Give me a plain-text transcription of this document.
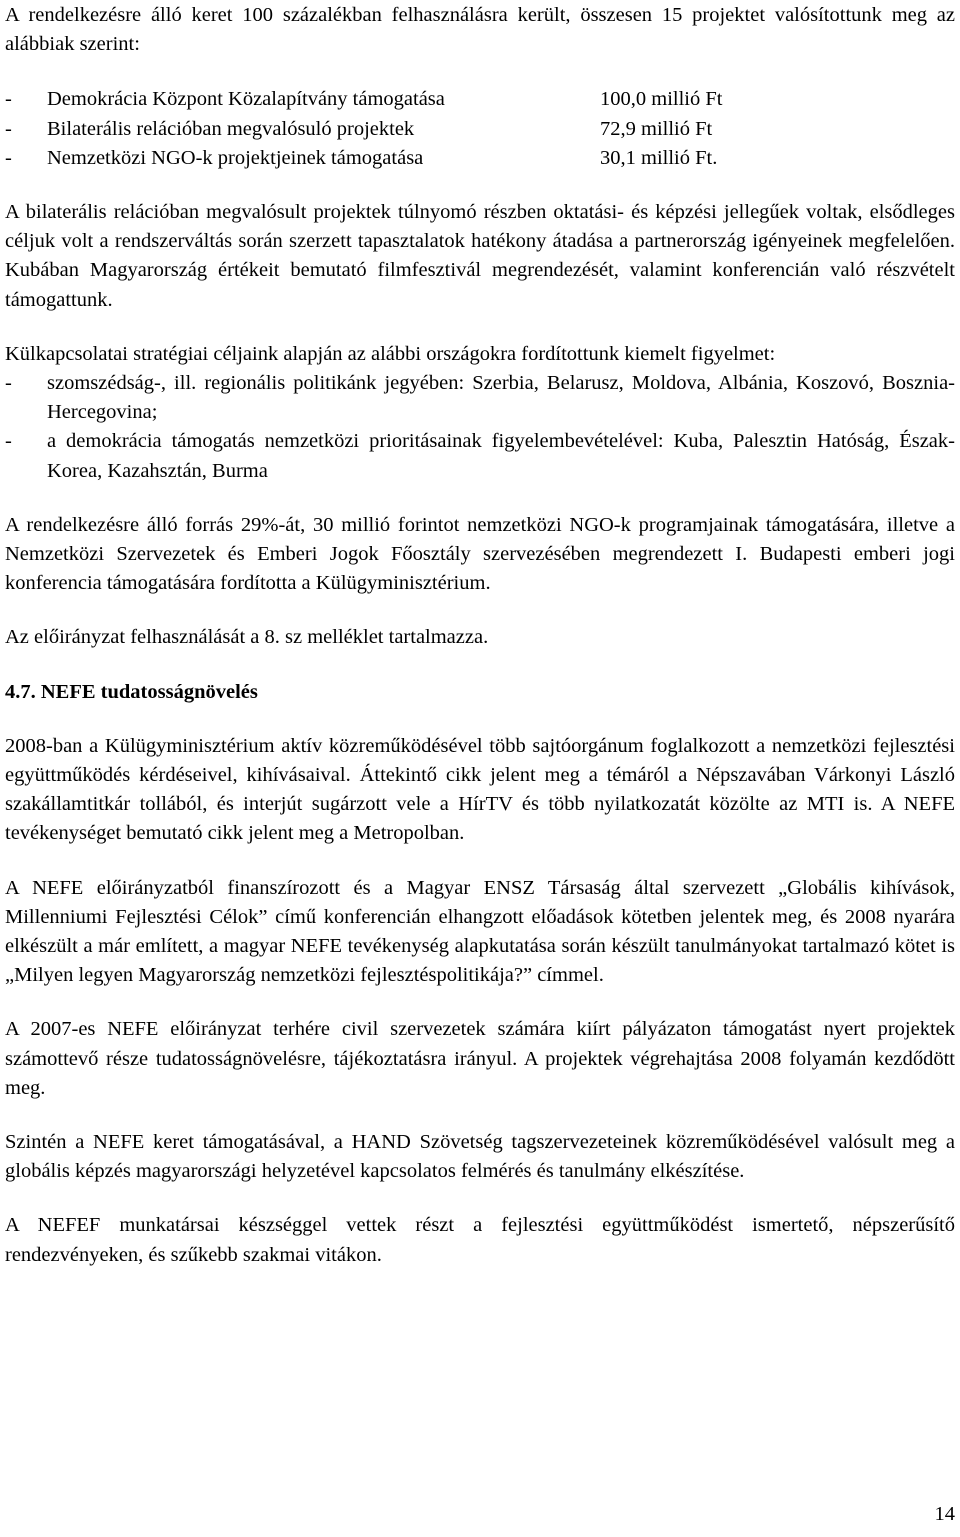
A rendelkezésre álló keret 100 százalékban felhasználásra került, összesen 15 projektet valósítottunk meg az alábbiak szerint:

-	Demokrácia Központ Közalapítvány támogatása	100,0 millió Ft
-	Bilaterális relációban megvalósuló projektek	72,9 millió Ft
-	Nemzetközi NGO-k projektjeinek támogatása	30,1 millió Ft.

A bilaterális relációban megvalósult projektek túlnyomó részben oktatási- és képzési jellegűek voltak, elsődleges céljuk volt a rendszerváltás során szerzett tapasztalatok hatékony átadása a partnerország igényeinek megfelelően. Kubában Magyarország értékeit bemutató filmfesztivál megrendezését, valamint konferencián való részvételt támogattunk.

Külkapcsolatai stratégiai céljaink alapján az alábbi országokra fordítottunk kiemelt figyelmet:

-	szomszédság-, ill. regionális politikánk jegyében: Szerbia, Belarusz, Moldova, Albánia, Koszovó, Bosznia-Hercegovina;
-	a demokrácia támogatás nemzetközi prioritásainak figyelembevételével: Kuba, Palesztin Hatóság, Észak-Korea, Kazahsztán, Burma

A rendelkezésre álló forrás 29%-át, 30 millió forintot nemzetközi NGO-k programjainak támogatására, illetve a Nemzetközi Szervezetek és Emberi Jogok Főosztály szervezésében megrendezett I. Budapesti emberi jogi konferencia támogatására fordította a Külügyminisztérium.

Az előirányzat felhasználását a 8. sz melléklet tartalmazza.

4.7. NEFE tudatosságnövelés

2008-ban a Külügyminisztérium aktív közreműködésével több sajtóorgánum foglalkozott a nemzetközi fejlesztési együttműködés kérdéseivel, kihívásaival. Áttekintő cikk jelent meg a témáról a Népszavában Várkonyi László szakállamtitkár tollából, és interjút sugárzott vele a HírTV és több nyilatkozatát közölte az MTI is. A NEFE tevékenységet bemutató cikk jelent meg a Metropolban.

A NEFE előirányzatból finanszírozott és a Magyar ENSZ Társaság által szervezett „Globális kihívások, Millenniumi Fejlesztési Célok” című konferencián elhangzott előadások kötetben jelentek meg, és 2008 nyarára elkészült a már említett, a magyar NEFE tevékenység alapkutatása során készült tanulmányokat tartalmazó kötet is „Milyen legyen Magyarország nemzetközi fejlesztéspolitikája?” címmel.

A 2007-es NEFE előirányzat terhére civil szervezetek számára kiírt pályázaton támogatást nyert projektek számottevő része tudatosságnövelésre, tájékoztatásra irányul. A projektek végrehajtása 2008 folyamán kezdődött meg.

Szintén a NEFE keret támogatásával, a HAND Szövetség tagszervezeteinek közreműködésével valósult meg a globális képzés magyarországi helyzetével kapcsolatos felmérés és tanulmány elkészítése.

A NEFEF munkatársai készséggel vettek részt a fejlesztési együttműködést ismertető, népszerűsítő rendezvényeken, és szűkebb szakmai vitákon.

14
